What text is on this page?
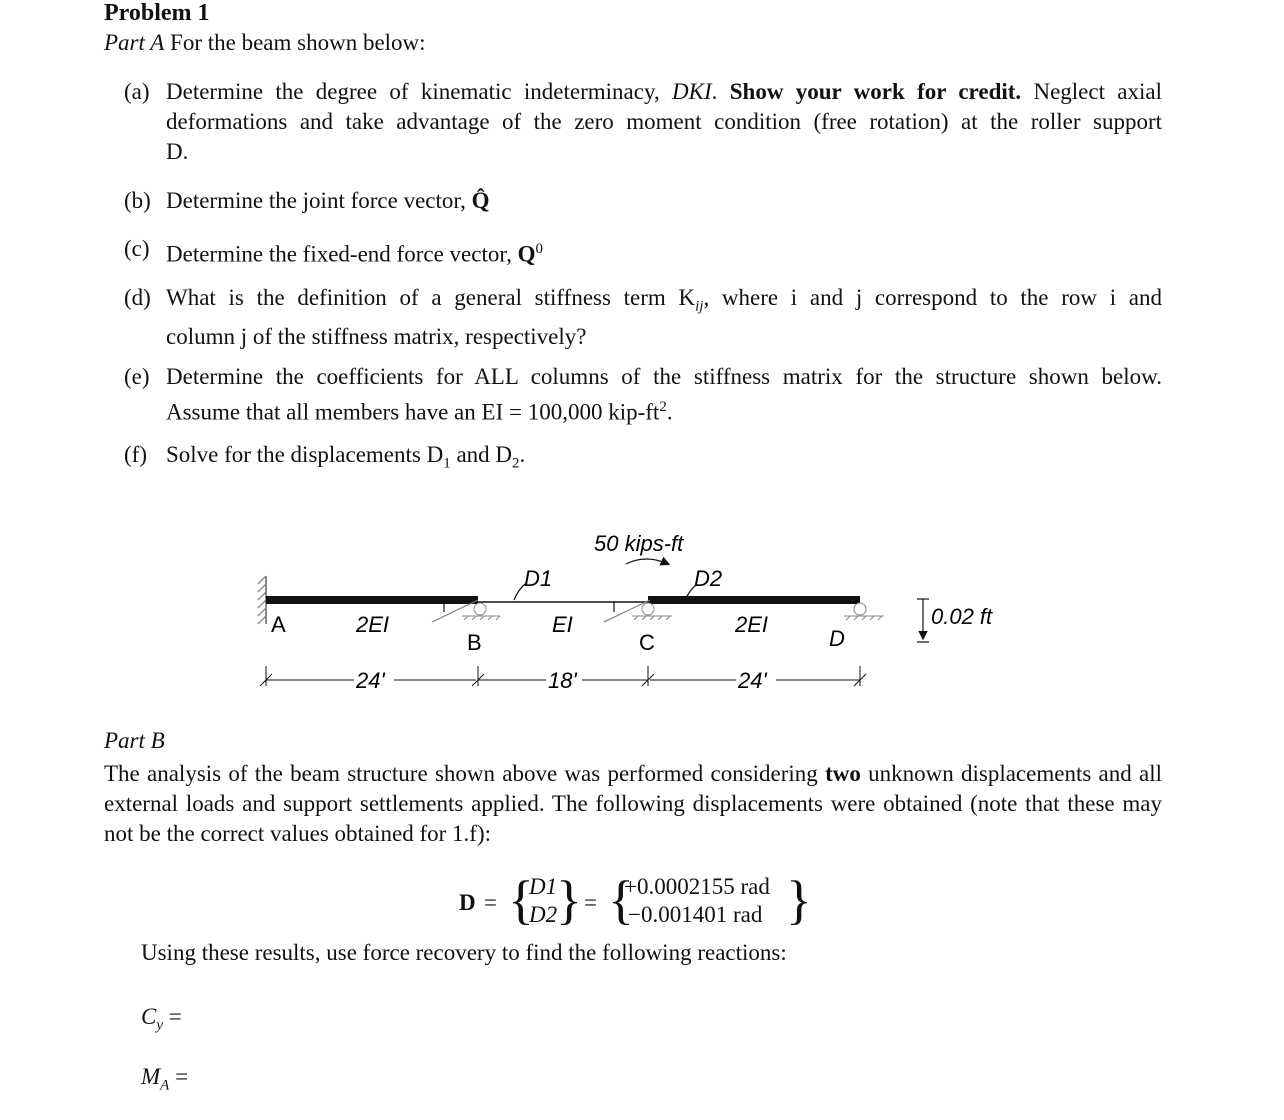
Problem 1
Part A For the beam shown below:
(a) Determine the degree of kinematic indeterminacy, DKI. Show your work for credit. Neglect axial
deformations and take advantage of the zero moment condition (free rotation) at the roller support
D.
(b) Determine the joint force vector, Q̂
(c) Determine the fixed-end force vector, $Q^0$
(d) What is the definition of a general stiffness term $K_{ij}$, where i and j correspond to the row i and
column j of the stiffness matrix, respectively?
(e) Determine the coefficients for ALL columns of the stiffness matrix for the structure shown below.
Assume that all members have an EI = 100,000 kip-$ft^2$.
(f) Solve for the displacements $D_1$ and $D_2$.
50 kips-ft
D1	D2
A
B	C	D
2EI	EI	2EI
24'	18'	24'
0.02 ft
Part B
The analysis of the beam structure shown above was performed considering two unknown displacements and all external loads and support settlements applied. The following displacements were obtained (note that these may not be the correct values obtained for 1.f):
D = {
D1
D2
} = {
+0.0002155 rad
−0.001401 rad }
Using these results, use force recovery to find the following reactions:
$C_y$ =
$M_A$ =
